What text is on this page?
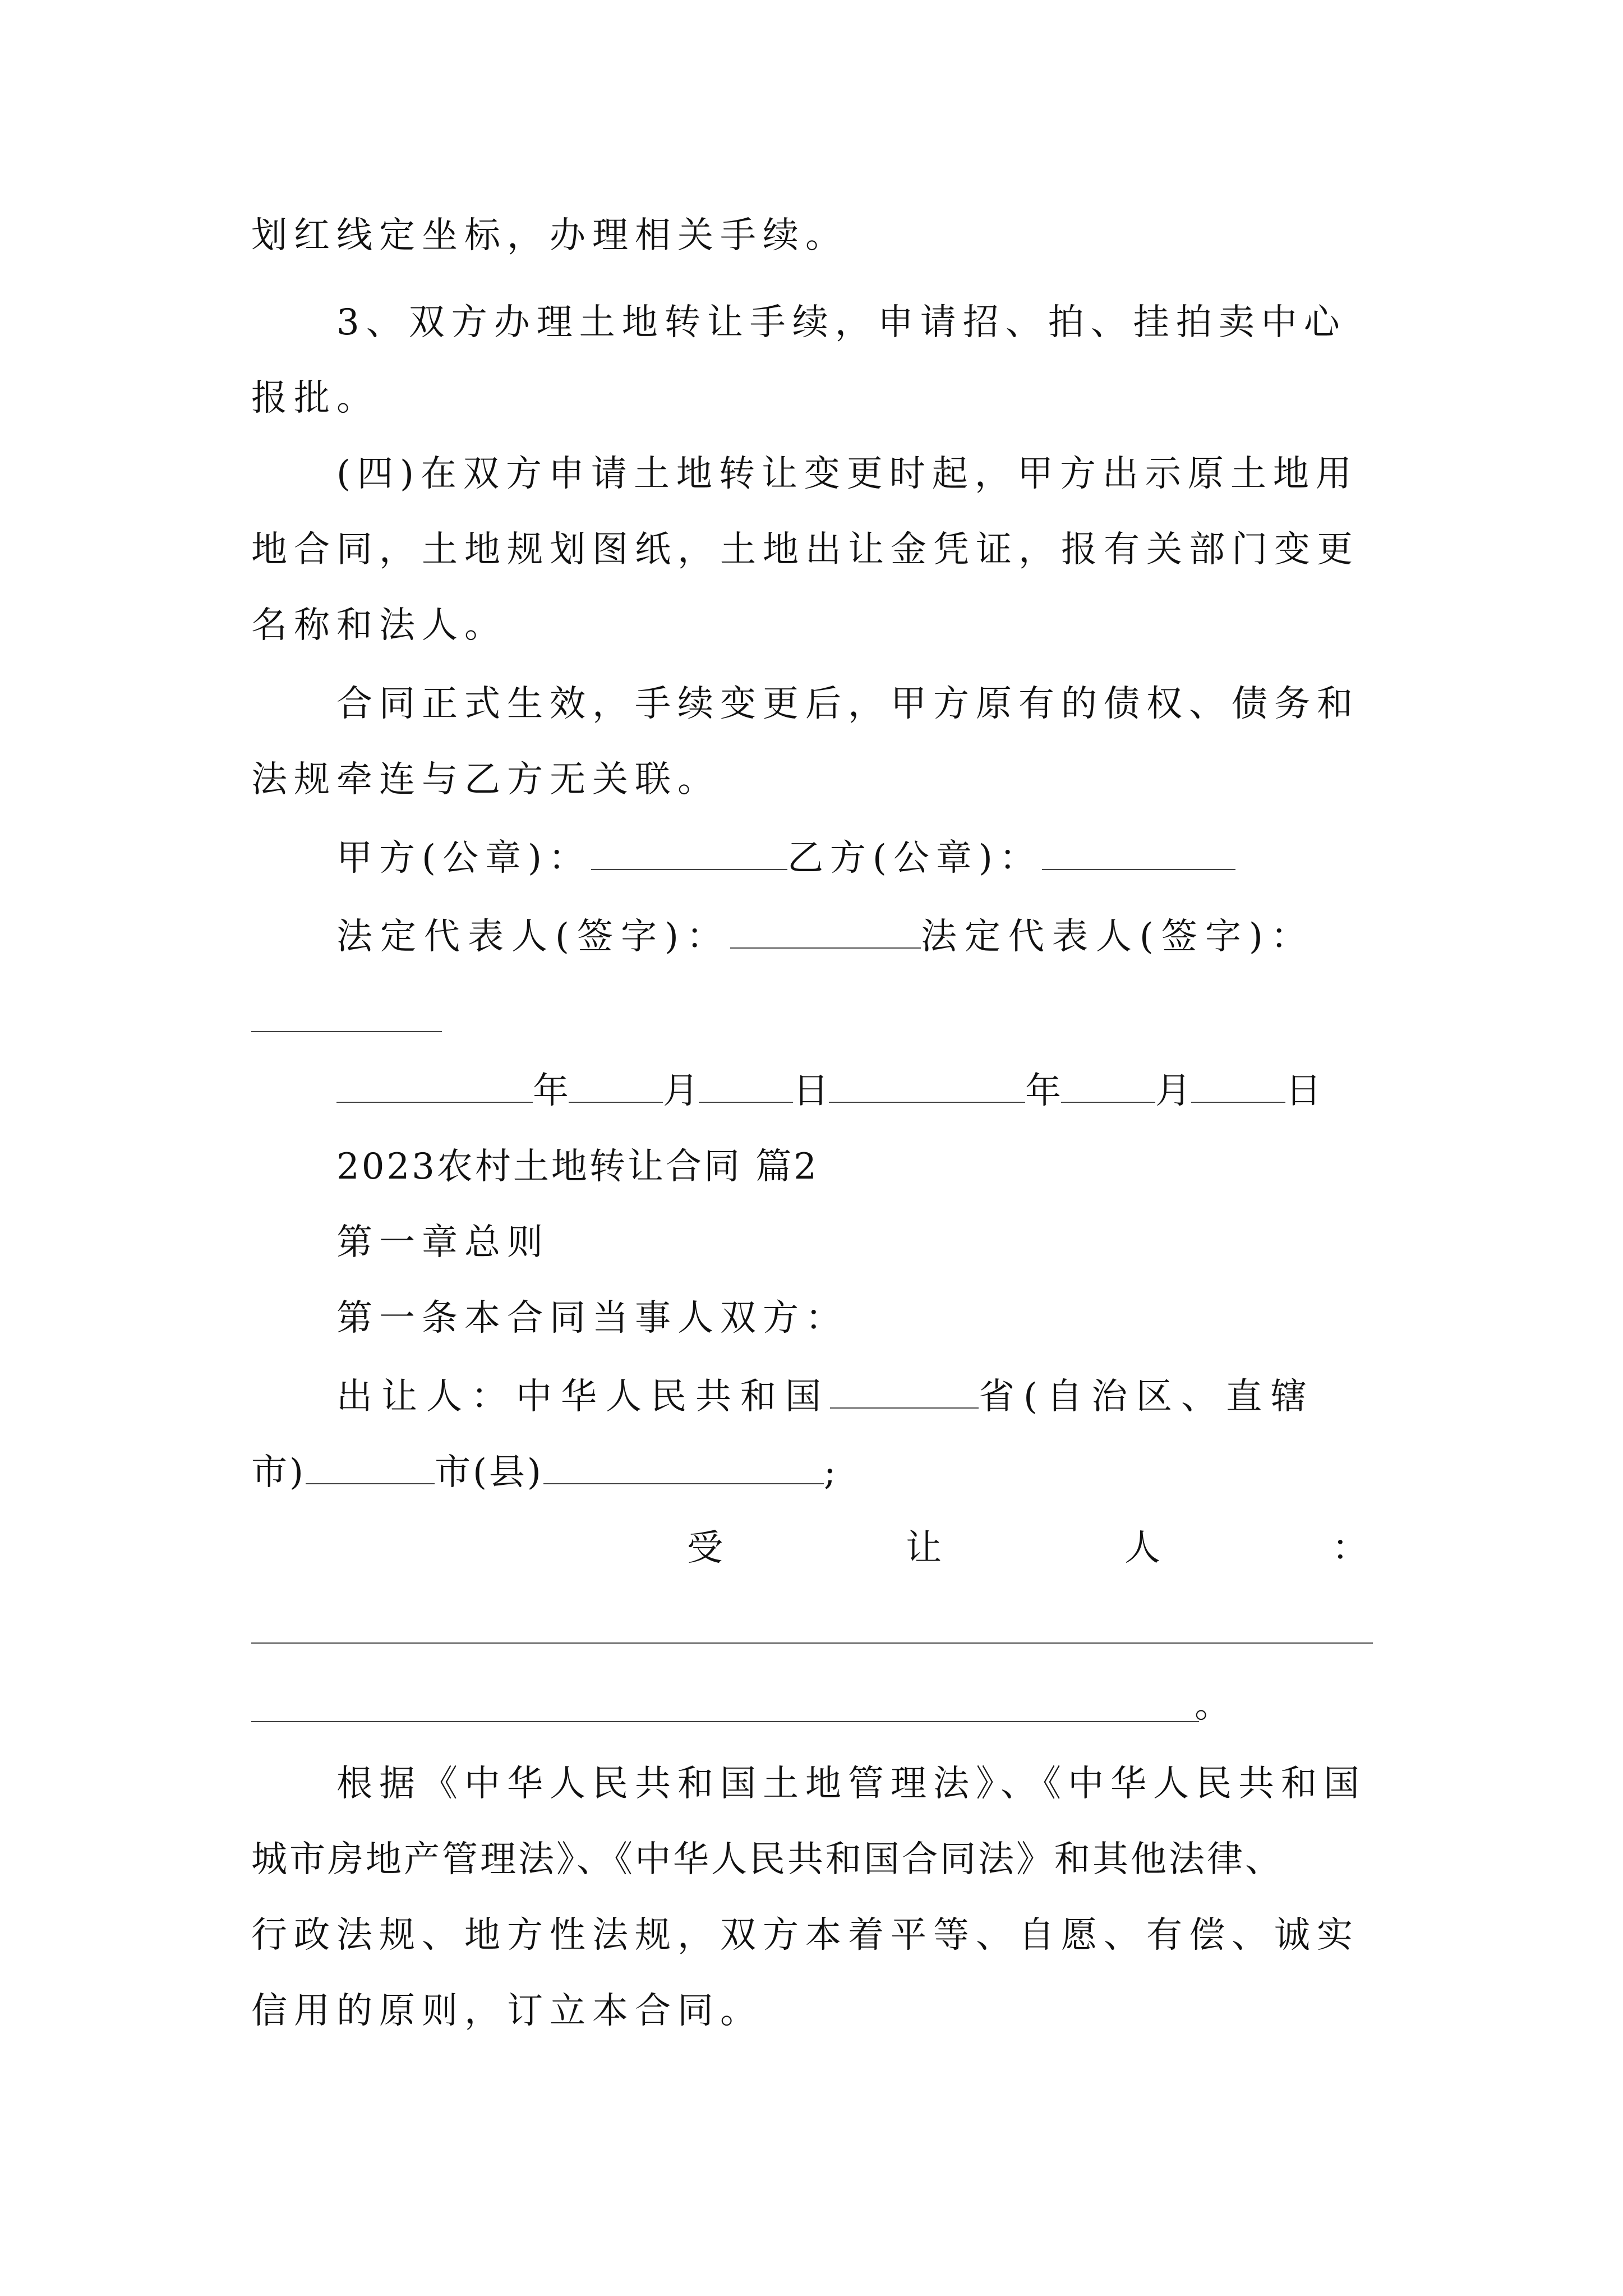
划红线定坐标，办理相关手续。
3、双方办理土地转让手续，申请招、拍、挂拍卖中心
报批。
(四)在双方申请土地转让变更时起，甲方出示原土地用
地合同，土地规划图纸，土地出让金凭证，报有关部门变更
名称和法人。
合同正式生效，手续变更后，甲方原有的债权、债务和
法规牵连与乙方无关联。
甲方(公章)：	乙方(公章)：
法定代表人(签字)：	法定代表人(签字)：
年	月	日	年	月	日
2023农村土地转让合同 篇2
第一章总则
第一条本合同当事人双方：
出让人：中华人民共和国	省(自治区、直辖
市)	市(县)	;
受	让	人	：
。
根据《中华人民共和国土地管理法》、《中华人民共和国
城市房地产管理法》、《中华人民共和国合同法》和其他法律、
行政法规、地方性法规，双方本着平等、自愿、有偿、诚实
信用的原则，订立本合同。
